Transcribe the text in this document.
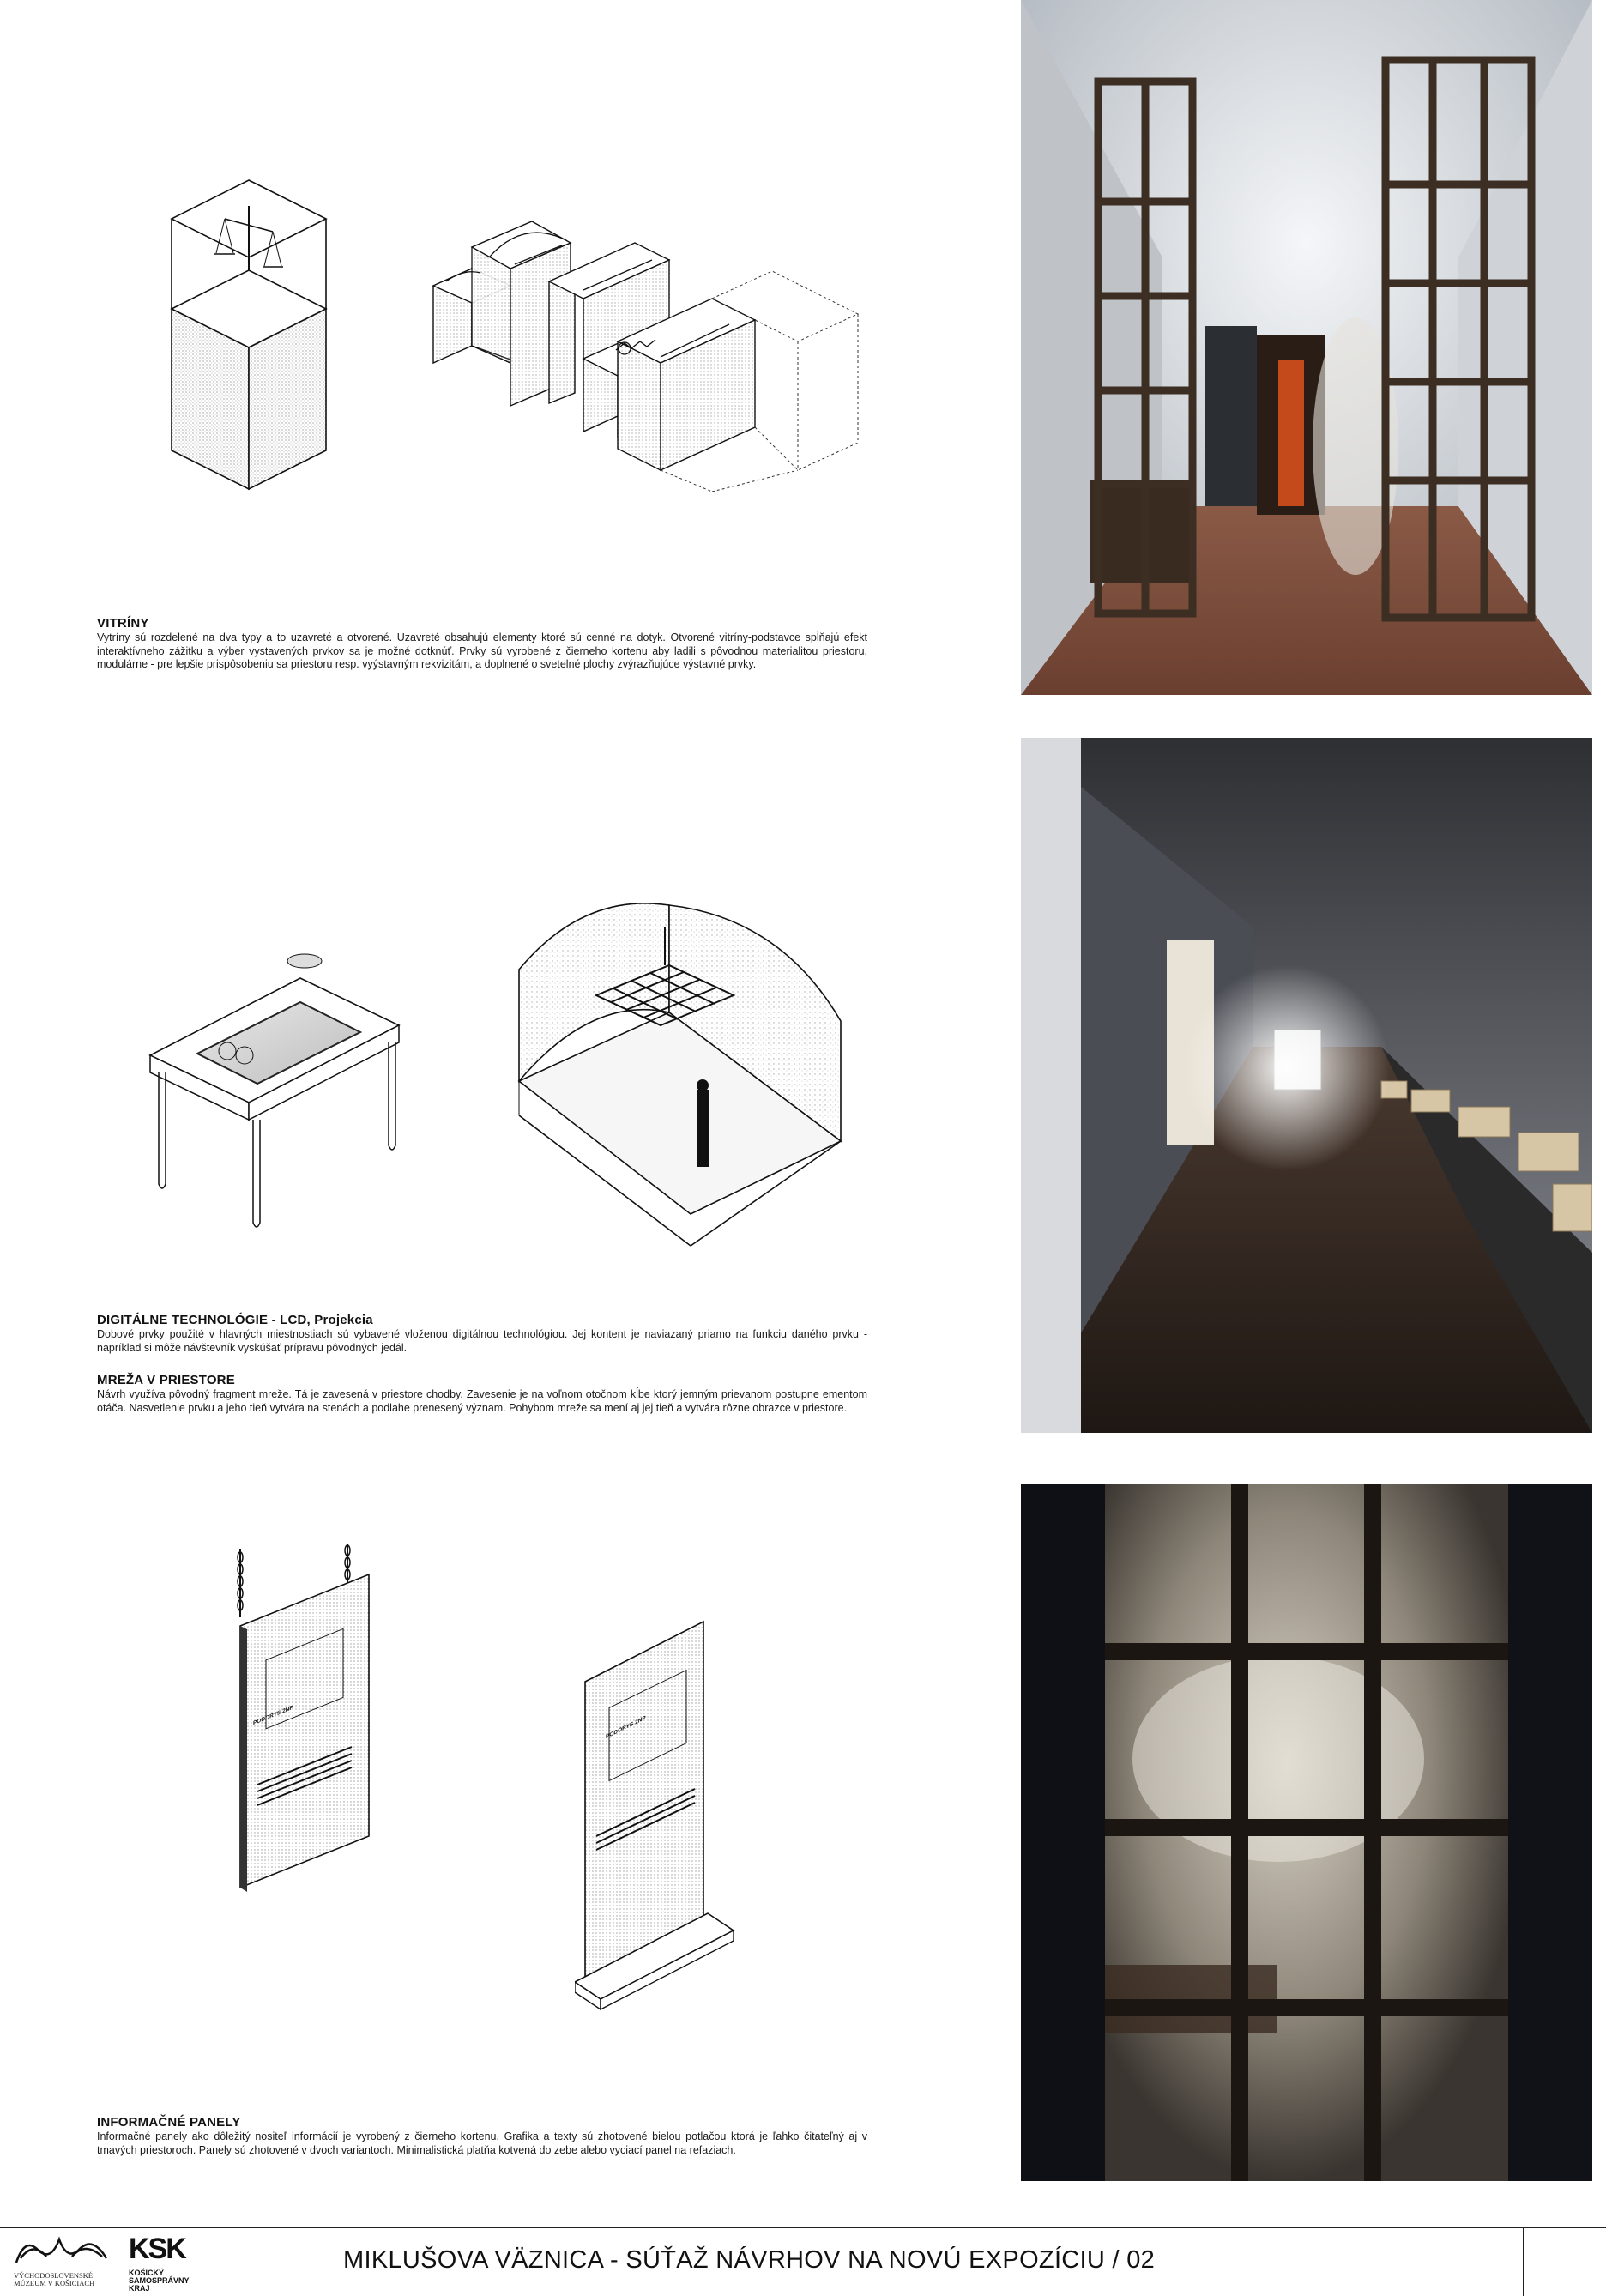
VITRÍNY

Vytríny sú rozdelené na dva typy a to uzavreté a otvorené. Uzavreté obsahujú elementy ktoré sú cenné na dotyk. Otvorené vitríny-podstavce spĺňajú efekt interaktívneho zážitku a výber vystavených prvkov sa je možné dotknúť. Prvky sú vyrobené z čierneho kortenu aby ladili s pôvodnou materialitou priestoru, modulárne - pre lepšie prispôsobeniu sa priestoru resp. vyýstavným rekvizitám, a doplnené o svetelné plochy zvýrazňujúce výstavné prvky.

DIGITÁLNE TECHNOLÓGIE - LCD, Projekcia

Dobové prvky použité v hlavných miestnostiach sú vybavené vloženou digitálnou technológiou. Jej kontent je naviazaný priamo na funkciu daného prvku - napríklad si môže návštevník vyskúšať prípravu pôvodných jedál.

MREŽA V PRIESTORE

Návrh využíva pôvodný fragment mreže. Tá je zavesená v priestore chodby. Zavesenie je na voľnom otočnom kĺbe ktorý jemným prievanom postupne ementom otáča. Nasvetlenie prvku a jeho tieň vytvára na stenách a podlahe prenesený význam. Pohybom mreže sa mení aj jej tieň a vytvára rôzne obrazce v priestore.

PODORYS 2NP	PODORYS 2NP
INFORMAČNÉ PANELY

Informačné panely ako dôležitý nositeľ informácií je vyrobený z čierneho kortenu. Grafika a texty sú zhotovené bielou potlačou ktorá je ľahko čitateľný aj v tmavých priestoroch. Panely sú zhotovené v dvoch variantoch. Minimalistická platňa kotvená do zebe alebo vyciací panel na refaziach.

VÝCHODOSLOVENSKÉ
MÚZEUM V KOŠICIACH
KSK
KOŠICKÝ
SAMOSPRÁVNY
KRAJ
MIKLUŠOVA VÄZNICA - SÚŤAŽ NÁVRHOV NA NOVÚ EXPOZÍCIU / 02
